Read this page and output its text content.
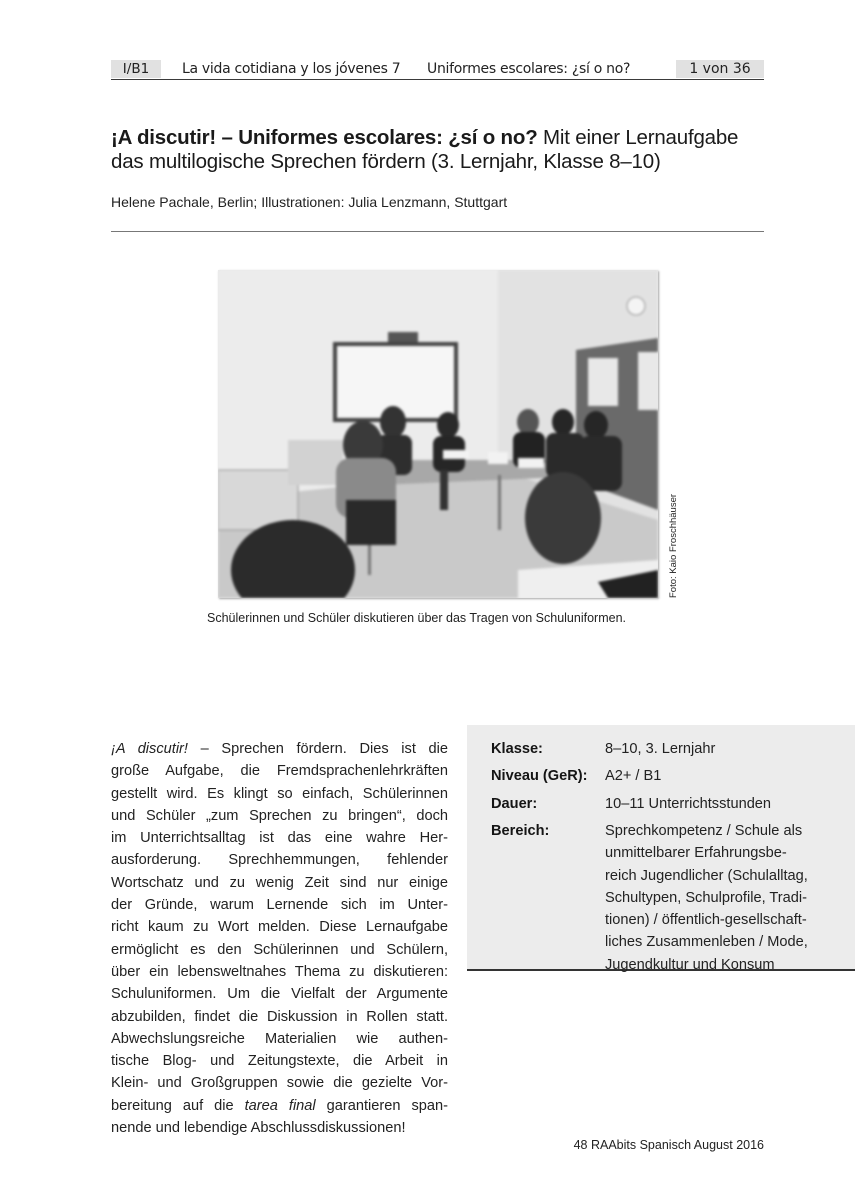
I/B1	La vida cotidiana y los jóvenes 7 Uniformes escolares: ¿sí o no?	1 von 36
¡A discutir! – Uniformes escolares: ¿sí o no? Mit einer Lernaufgabe das multilogische Sprechen fördern (3. Lernjahr, Klasse 8–10)
Helene Pachale, Berlin; Illustrationen: Julia Lenzmann, Stuttgart
Foto: Kaio Froschhäuser
Schülerinnen und Schüler diskutieren über das Tragen von Schuluniformen.
¡A discutir! – Sprechen fördern. Dies ist die
große Aufgabe, die Fremdsprachenlehrkräften
gestellt wird. Es klingt so einfach, Schülerinnen
und Schüler „zum Sprechen zu bringen“, doch
im Unterrichtsalltag ist das eine wahre Her-
ausforderung. Sprechhemmungen, fehlender
Wortschatz und zu wenig Zeit sind nur einige
der Gründe, warum Lernende sich im Unter-
richt kaum zu Wort melden. Diese Lernaufgabe
ermöglicht es den Schülerinnen und Schülern,
über ein lebensweltnahes Thema zu diskutieren:
Schuluniformen. Um die Vielfalt der Argumente
abzubilden, findet die Diskussion in Rollen statt.
Abwechslungsreiche Materialien wie authen-
tische Blog- und Zeitungstexte, die Arbeit in
Klein- und Großgruppen sowie die gezielte Vor-
bereitung auf die tarea final garantieren span-
nende und lebendige Abschlussdiskussionen!
Klasse:	8–10, 3. Lernjahr
Niveau (GeR): A2+ / B1
Dauer:	10–11 Unterrichtsstunden
Bereich:	Sprechkompetenz / Schule als
unmittelbarer Erfahrungsbe-
reich Jugendlicher (Schulalltag,
Schultypen, Schulprofile, Tradi-
tionen) / öffentlich-gesellschaft-
liches Zusammenleben / Mode,
Jugendkultur und Konsum
48 RAAbits Spanisch August 2016
